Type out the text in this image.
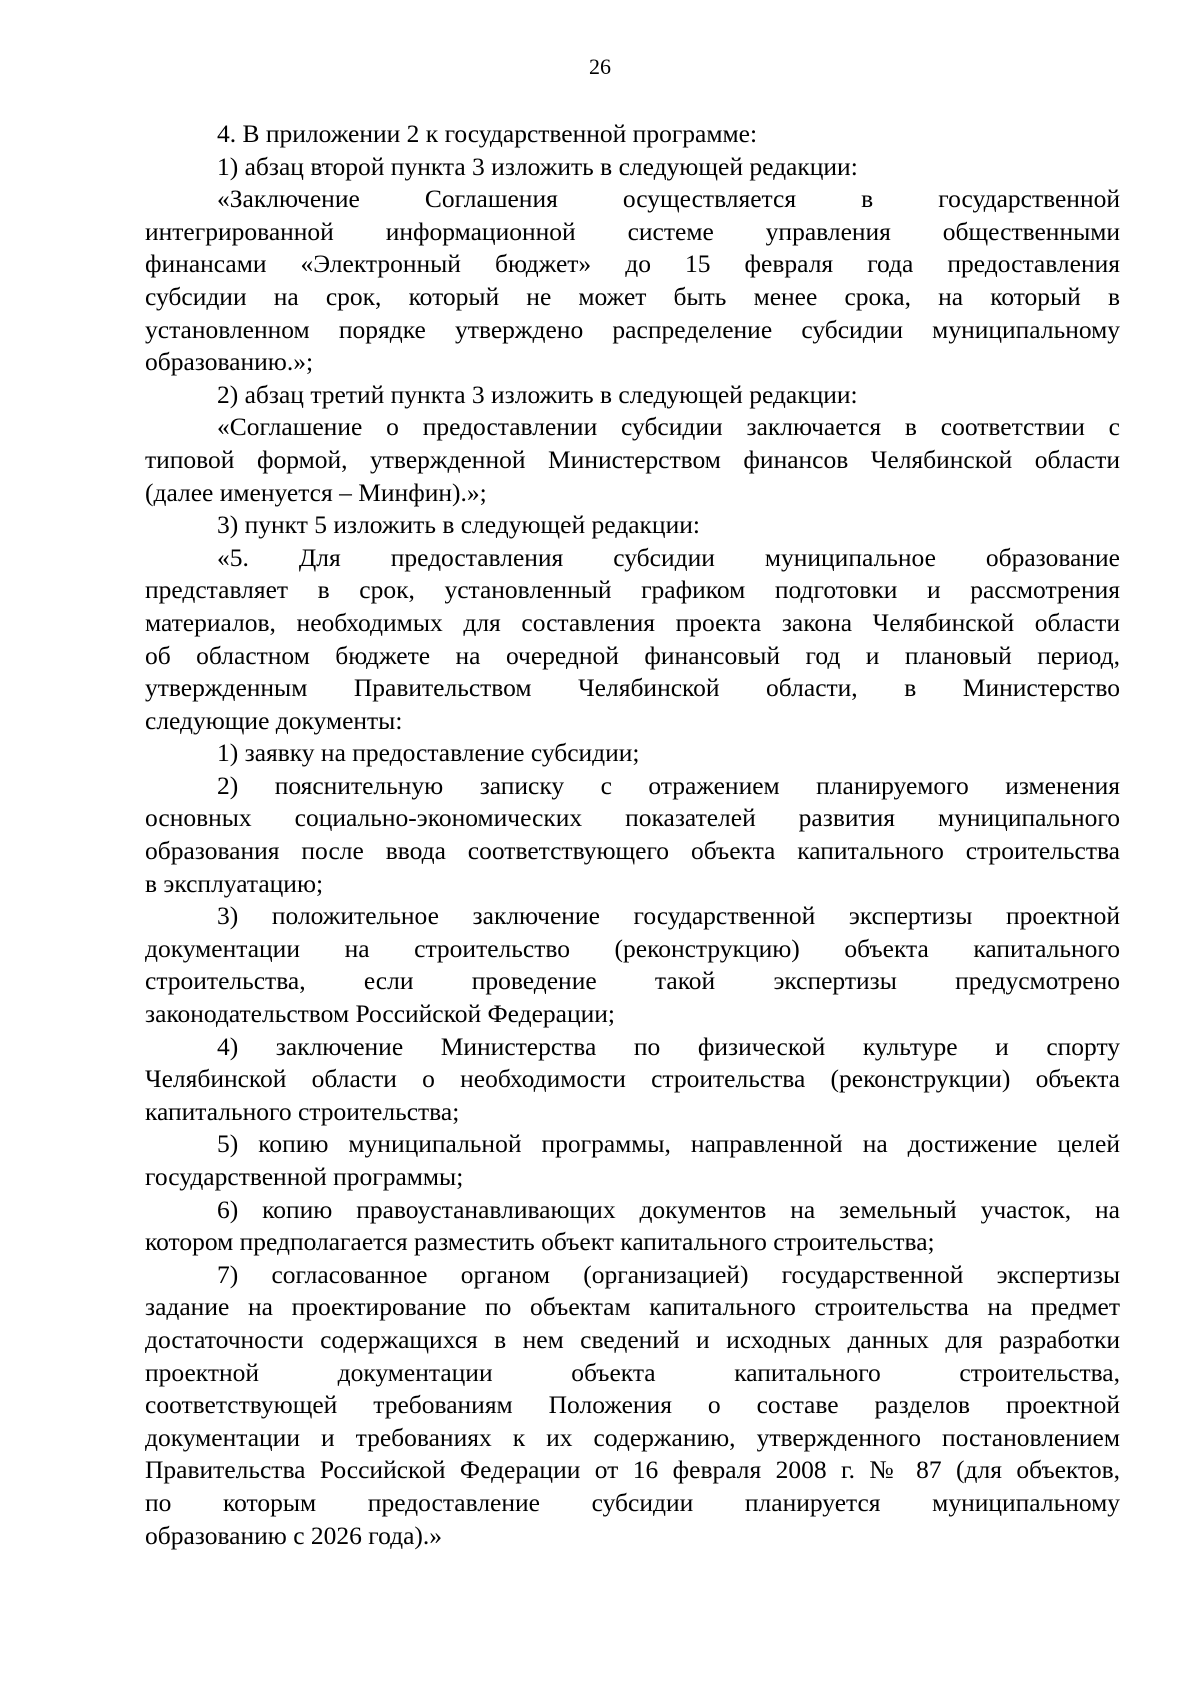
26
4. В приложении 2 к государственной программе:
1) абзац второй пункта 3 изложить в следующей редакции:
«Заключение Соглашения осуществляется в государственной
интегрированной информационной системе управления общественными
финансами «Электронный бюджет» до 15 февраля года предоставления
субсидии на срок, который не может быть менее срока, на который в
установленном порядке утверждено распределение субсидии муниципальному
образованию.»;
2) абзац третий пункта 3 изложить в следующей редакции:
«Соглашение о предоставлении субсидии заключается в соответствии с
типовой формой, утвержденной Министерством финансов Челябинской области
(далее именуется – Минфин).»;
3) пункт 5 изложить в следующей редакции:
«5. Для предоставления субсидии муниципальное образование
представляет в срок, установленный графиком подготовки и рассмотрения
материалов, необходимых для составления проекта закона Челябинской области
об областном бюджете на очередной финансовый год и плановый период,
утвержденным Правительством Челябинской области, в Министерство
следующие документы:
1) заявку на предоставление субсидии;
2) пояснительную записку с отражением планируемого изменения
основных социально-экономических показателей развития муниципального
образования после ввода соответствующего объекта капитального строительства
в эксплуатацию;
3) положительное заключение государственной экспертизы проектной
документации на строительство (реконструкцию) объекта капитального
строительства, если проведение такой экспертизы предусмотрено
законодательством Российской Федерации;
4) заключение Министерства по физической культуре и спорту
Челябинской области о необходимости строительства (реконструкции) объекта
капитального строительства;
5) копию муниципальной программы, направленной на достижение целей
государственной программы;
6) копию правоустанавливающих документов на земельный участок, на
котором предполагается разместить объект капитального строительства;
7) согласованное органом (организацией) государственной экспертизы
задание на проектирование по объектам капитального строительства на предмет
достаточности содержащихся в нем сведений и исходных данных для разработки
проектной документации объекта капитального строительства,
соответствующей требованиям Положения о составе разделов проектной
документации и требованиях к их содержанию, утвержденного постановлением
Правительства Российской Федерации от 16 февраля 2008 г. № 87 (для объектов,
по которым предоставление субсидии планируется муниципальному
образованию с 2026 года).»
